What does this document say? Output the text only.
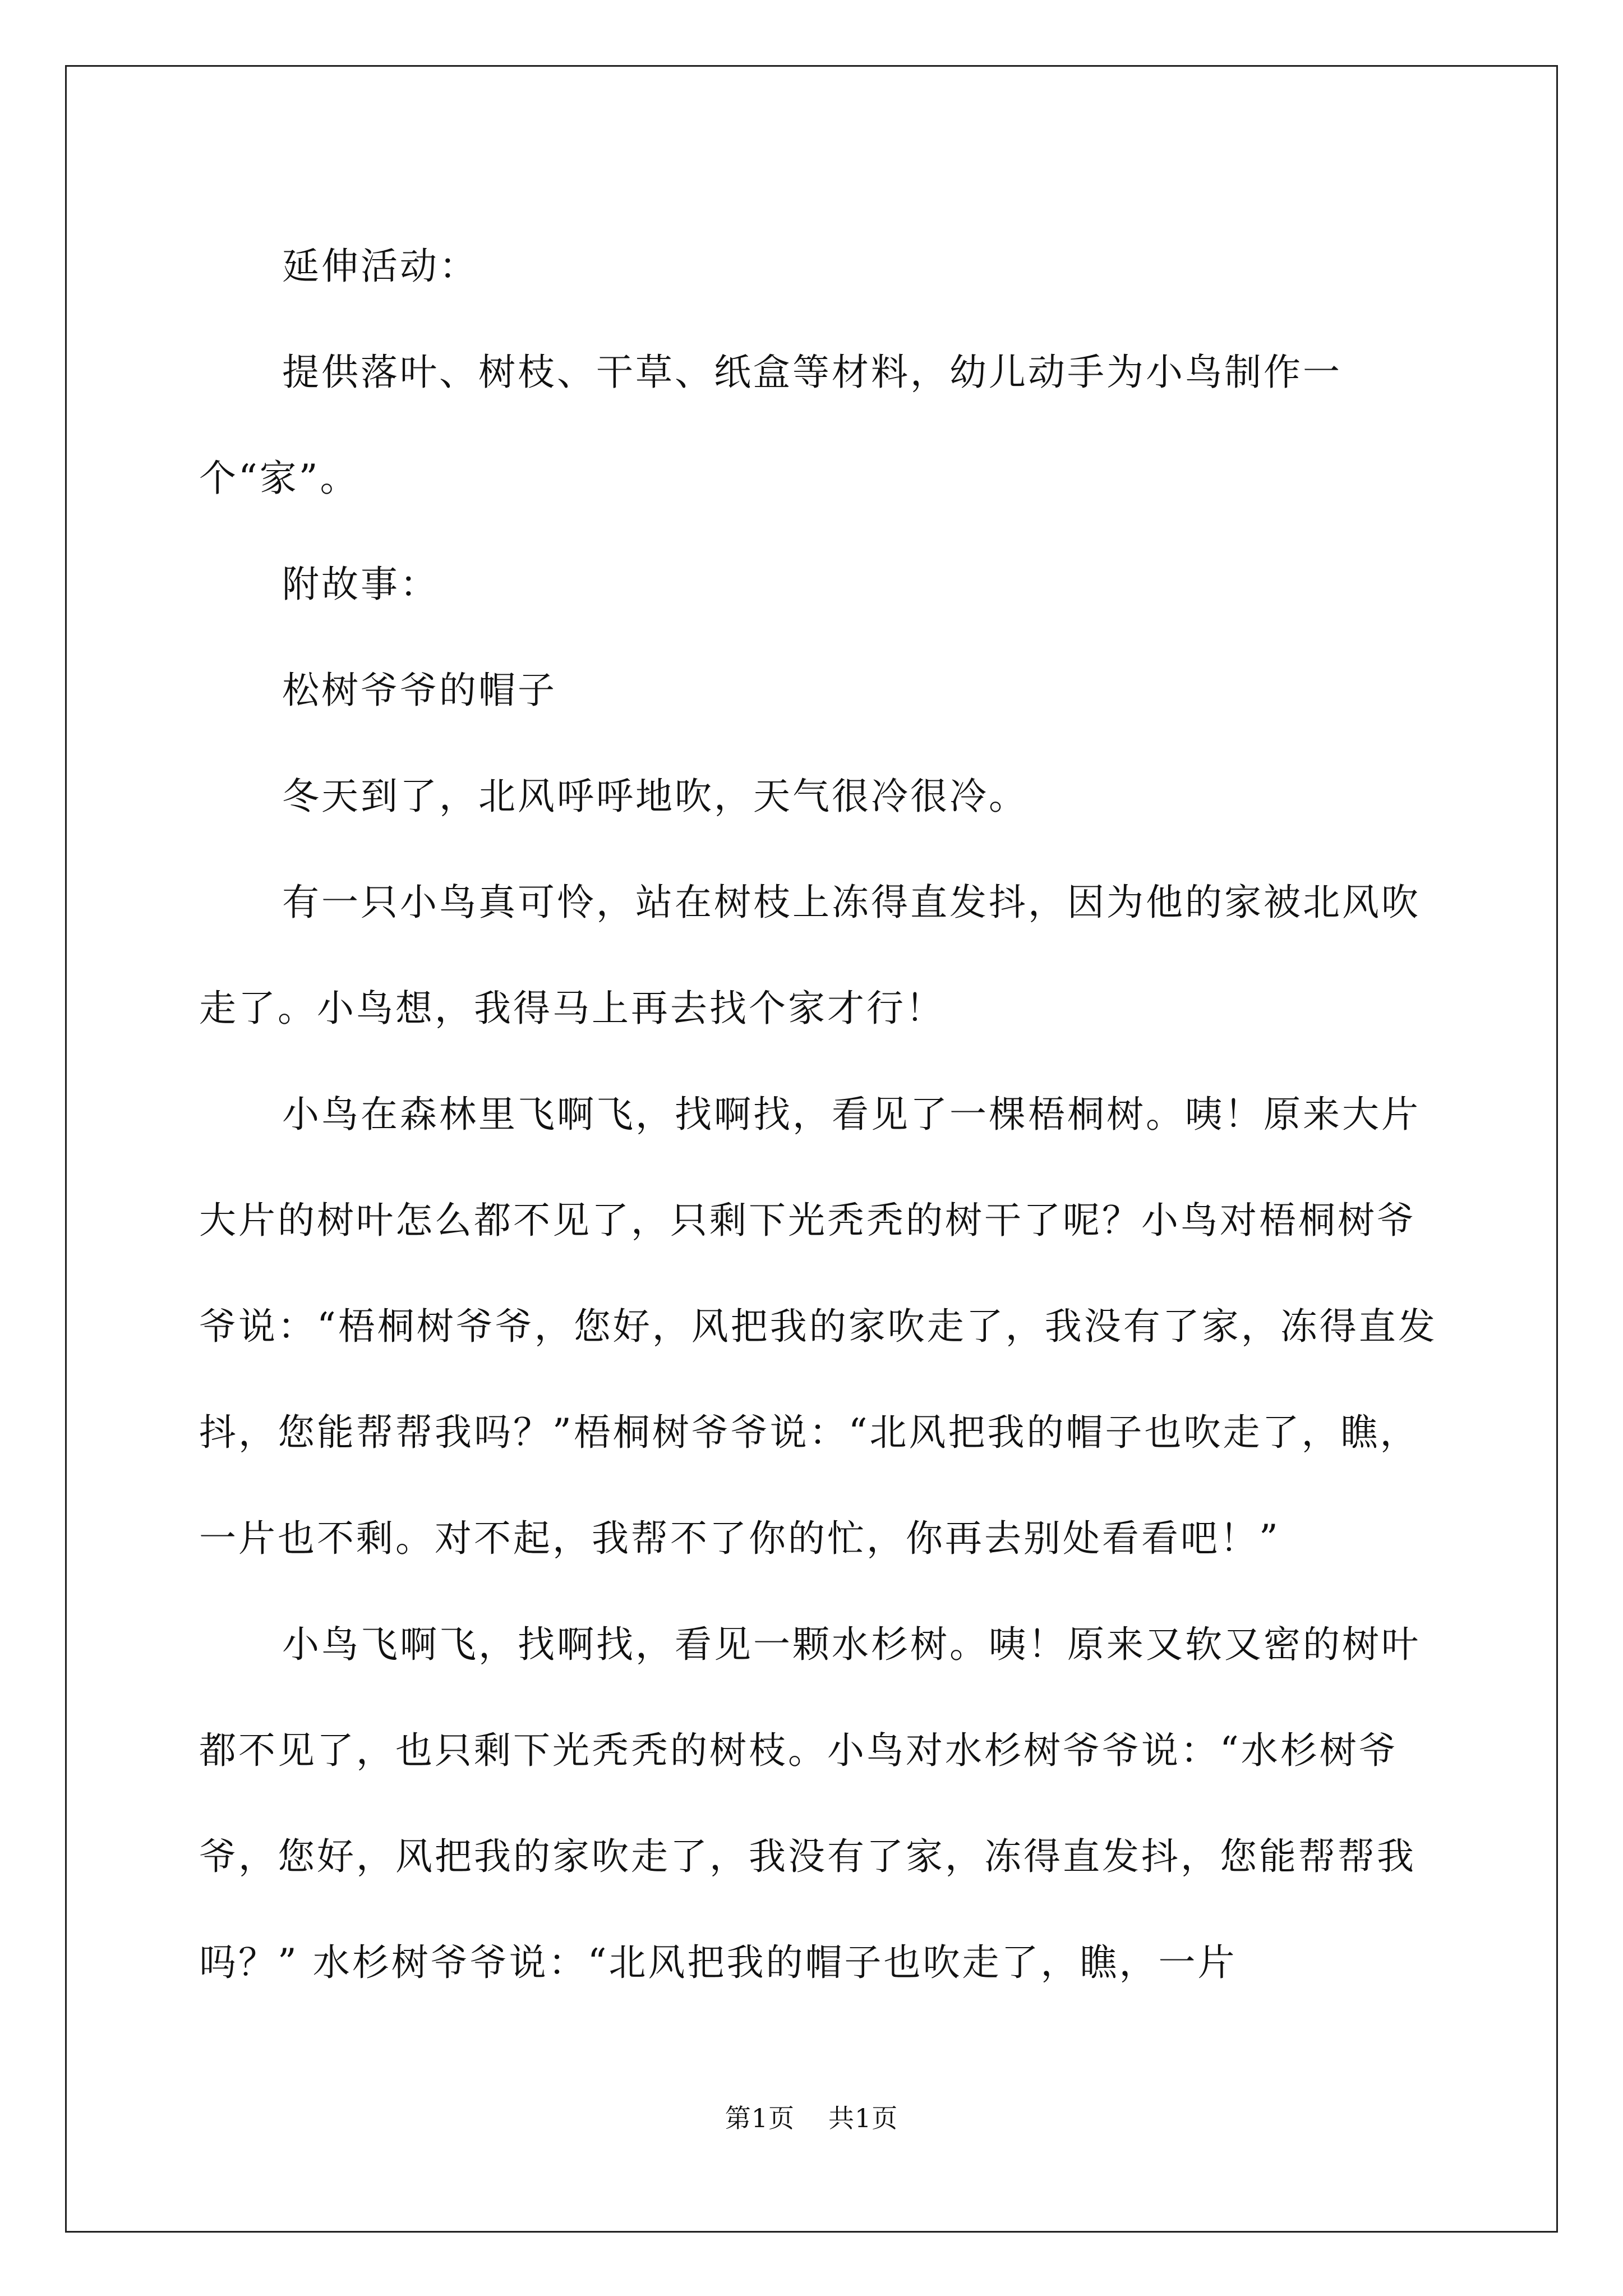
延伸活动：

提供落叶、树枝、干草、纸盒等材料，幼儿动手为小鸟制作一个“家”。

附故事：

松树爷爷的帽子

冬天到了，北风呼呼地吹，天气很冷很冷。

有一只小鸟真可怜，站在树枝上冻得直发抖，因为他的家被北风吹走了。小鸟想，我得马上再去找个家才行！

小鸟在森林里飞啊飞，找啊找，看见了一棵梧桐树。咦！原来大片大片的树叶怎么都不见了，只剩下光秃秃的树干了呢？小鸟对梧桐树爷爷说：“梧桐树爷爷，您好，风把我的家吹走了，我没有了家，冻得直发抖，您能帮帮我吗？”梧桐树爷爷说：“北风把我的帽子也吹走了，瞧，一片也不剩。对不起，我帮不了你的忙，你再去别处看看吧！”

小鸟飞啊飞，找啊找，看见一颗水杉树。咦！原来又软又密的树叶都不见了，也只剩下光秃秃的树枝。小鸟对水杉树爷爷说：“水杉树爷爷，您好，风把我的家吹走了，我没有了家，冻得直发抖，您能帮帮我吗？” 水杉树爷爷说：“北风把我的帽子也吹走了，瞧，一片

第1页 共1页
